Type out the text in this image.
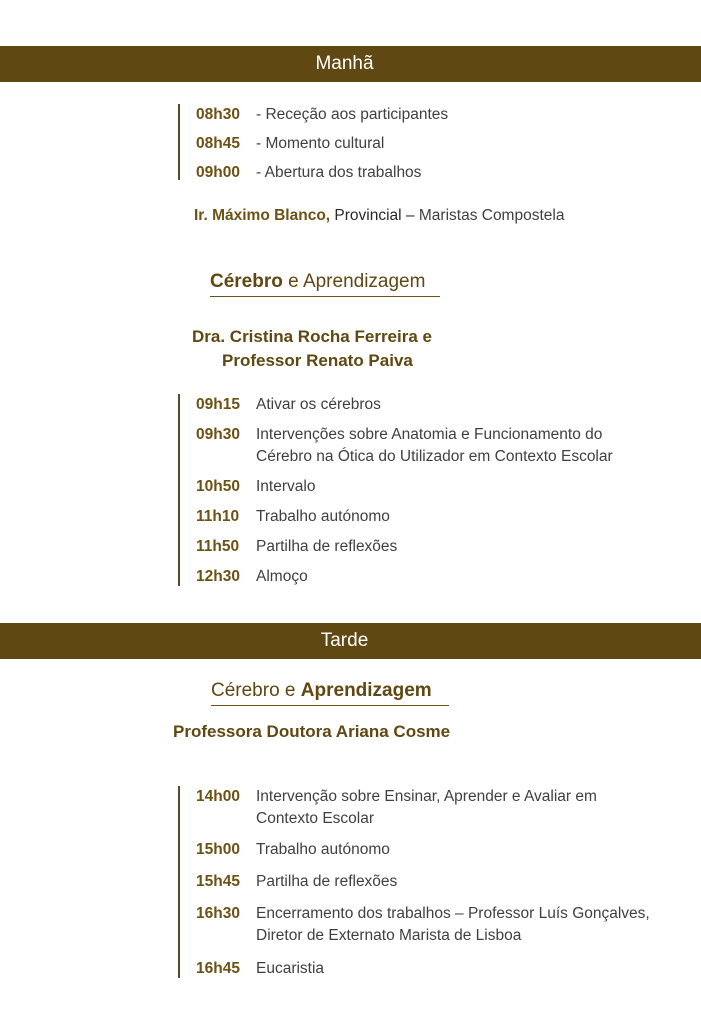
Manhã
08h30	- Receção aos participantes
08h45	- Momento cultural
09h00	- Abertura dos trabalhos
Ir. Máximo Blanco, Provincial – Maristas Compostela
Cérebro e Aprendizagem
Dra. Cristina Rocha Ferreira e
Professor Renato Paiva
09h15	Ativar os cérebros
09h30	Intervenções sobre Anatomia e Funcionamento do
Cérebro na Ótica do Utilizador em Contexto Escolar
10h50	Intervalo
11h10	Trabalho autónomo
11h50	Partilha de reflexões
12h30	Almoço
Tarde
Cérebro e Aprendizagem
Professora Doutora Ariana Cosme
14h00	Intervenção sobre Ensinar, Aprender e Avaliar em
Contexto Escolar
15h00	Trabalho autónomo
15h45	Partilha de reflexões
16h30	Encerramento dos trabalhos – Professor Luís Gonçalves,
Diretor de Externato Marista de Lisboa
16h45	Eucaristia
